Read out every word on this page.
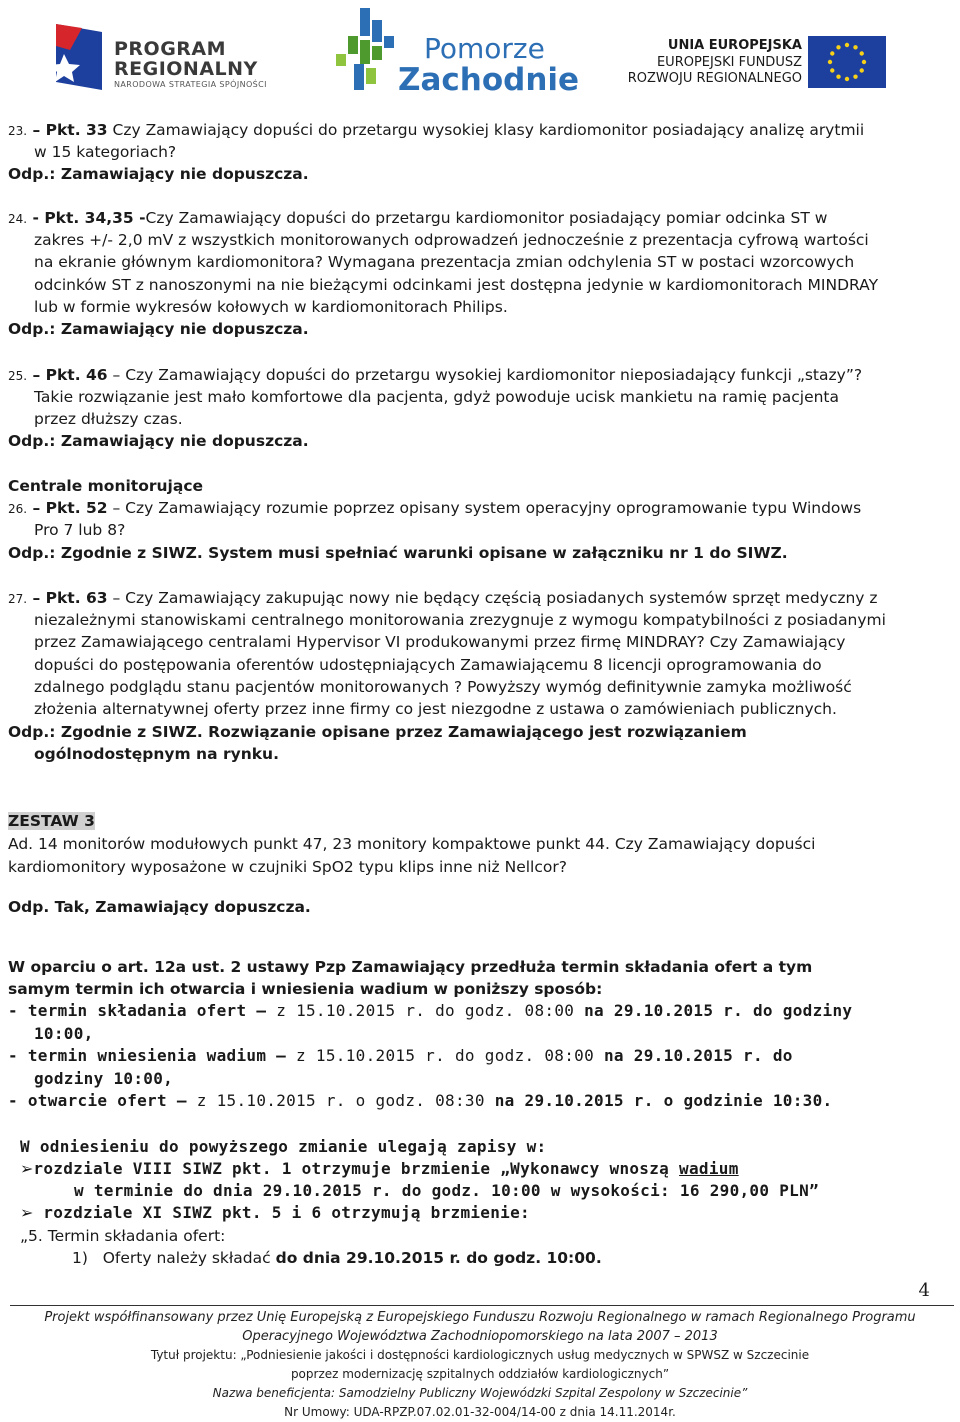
PROGRAM
REGIONALNY
NARODOWA STRATEGIA SPÓJNOŚCI
Pomorze
Zachodnie
UNIA EUROPEJSKA
EUROPEJSKI FUNDUSZ
ROZWOJU REGIONALNEGO
23. – Pkt. 33 Czy Zamawiający dopuści do przetargu wysokiej klasy kardiomonitor posiadający analizę arytmii
w 15 kategoriach?
Odp.: Zamawiający nie dopuszcza.
24. - Pkt. 34,35 -Czy Zamawiający dopuści do przetargu kardiomonitor posiadający pomiar odcinka ST w
zakres +/- 2,0 mV z wszystkich monitorowanych odprowadzeń jednocześnie z prezentacja cyfrową wartości
na ekranie głównym kardiomonitora? Wymagana prezentacja zmian odchylenia ST w postaci wzorcowych
odcinków ST z nanoszonymi na nie bieżącymi odcinkami jest dostępna jedynie w kardiomonitorach MINDRAY
lub w formie wykresów kołowych w kardiomonitorach Philips.
Odp.: Zamawiający nie dopuszcza.
25. – Pkt. 46 – Czy Zamawiający dopuści do przetargu wysokiej kardiomonitor nieposiadający funkcji „stazy”?
Takie rozwiązanie jest mało komfortowe dla pacjenta, gdyż powoduje ucisk mankietu na ramię pacjenta
przez dłuższy czas.
Odp.: Zamawiający nie dopuszcza.
Centrale monitorujące
26. – Pkt. 52 – Czy Zamawiający rozumie poprzez opisany system operacyjny oprogramowanie typu Windows
Pro 7 lub 8?
Odp.: Zgodnie z SIWZ. System musi spełniać warunki opisane w załączniku nr 1 do SIWZ.
27. – Pkt. 63 – Czy Zamawiający zakupując nowy nie będący częścią posiadanych systemów sprzęt medyczny z
niezależnymi stanowiskami centralnego monitorowania zrezygnuje z wymogu kompatybilności z posiadanymi
przez Zamawiającego centralami Hypervisor VI produkowanymi przez firmę MINDRAY? Czy Zamawiający
dopuści do postępowania oferentów udostępniających Zamawiającemu 8 licencji oprogramowania do
zdalnego podglądu stanu pacjentów monitorowanych ? Powyższy wymóg definitywnie zamyka możliwość
złożenia alternatywnej oferty przez inne firmy co jest niezgodne z ustawa o zamówieniach publicznych.
Odp.: Zgodnie z SIWZ. Rozwiązanie opisane przez Zamawiającego jest rozwiązaniem
ogólnodostępnym na rynku.
ZESTAW 3
Ad. 14 monitorów modułowych punkt 47, 23 monitory kompaktowe punkt 44. Czy Zamawiający dopuści
kardiomonitory wyposażone w czujniki SpO2 typu klips inne niż Nellcor?
Odp. Tak, Zamawiający dopuszcza.
W oparciu o art. 12a ust. 2 ustawy Pzp Zamawiający przedłuża termin składania ofert a tym
samym termin ich otwarcia i wniesienia wadium w poniższy sposób:
- termin składania ofert – z 15.10.2015 r. do godz. 08:00 na 29.10.2015 r. do godziny
10:00,
- termin wniesienia wadium – z 15.10.2015 r. do godz. 08:00 na 29.10.2015 r. do
godziny 10:00,
- otwarcie ofert – z 15.10.2015 r. o godz. 08:30 na 29.10.2015 r. o godzinie 10:30.
W odniesieniu do powyższego zmianie ulegają zapisy w:
➢rozdziale VIII SIWZ pkt. 1 otrzymuje brzmienie „Wykonawcy wnoszą wadium
w terminie do dnia 29.10.2015 r. do godz. 10:00 w wysokości: 16 290,00 PLN”
➢ rozdziale XI SIWZ pkt. 5 i 6 otrzymują brzmienie:
„5. Termin składania ofert:
1) Oferty należy składać do dnia 29.10.2015 r. do godz. 10:00.
4
Projekt współfinansowany przez Unię Europejską z Europejskiego Funduszu Rozwoju Regionalnego w ramach Regionalnego Programu
Operacyjnego Województwa Zachodniopomorskiego na lata 2007 – 2013
Tytuł projektu: „Podniesienie jakości i dostępności kardiologicznych usług medycznych w SPWSZ w Szczecinie
poprzez modernizację szpitalnych oddziałów kardiologicznych”
Nazwa beneficjenta: Samodzielny Publiczny Wojewódzki Szpital Zespolony w Szczecinie”
Nr Umowy: UDA-RPZP.07.02.01-32-004/14-00 z dnia 14.11.2014r.
